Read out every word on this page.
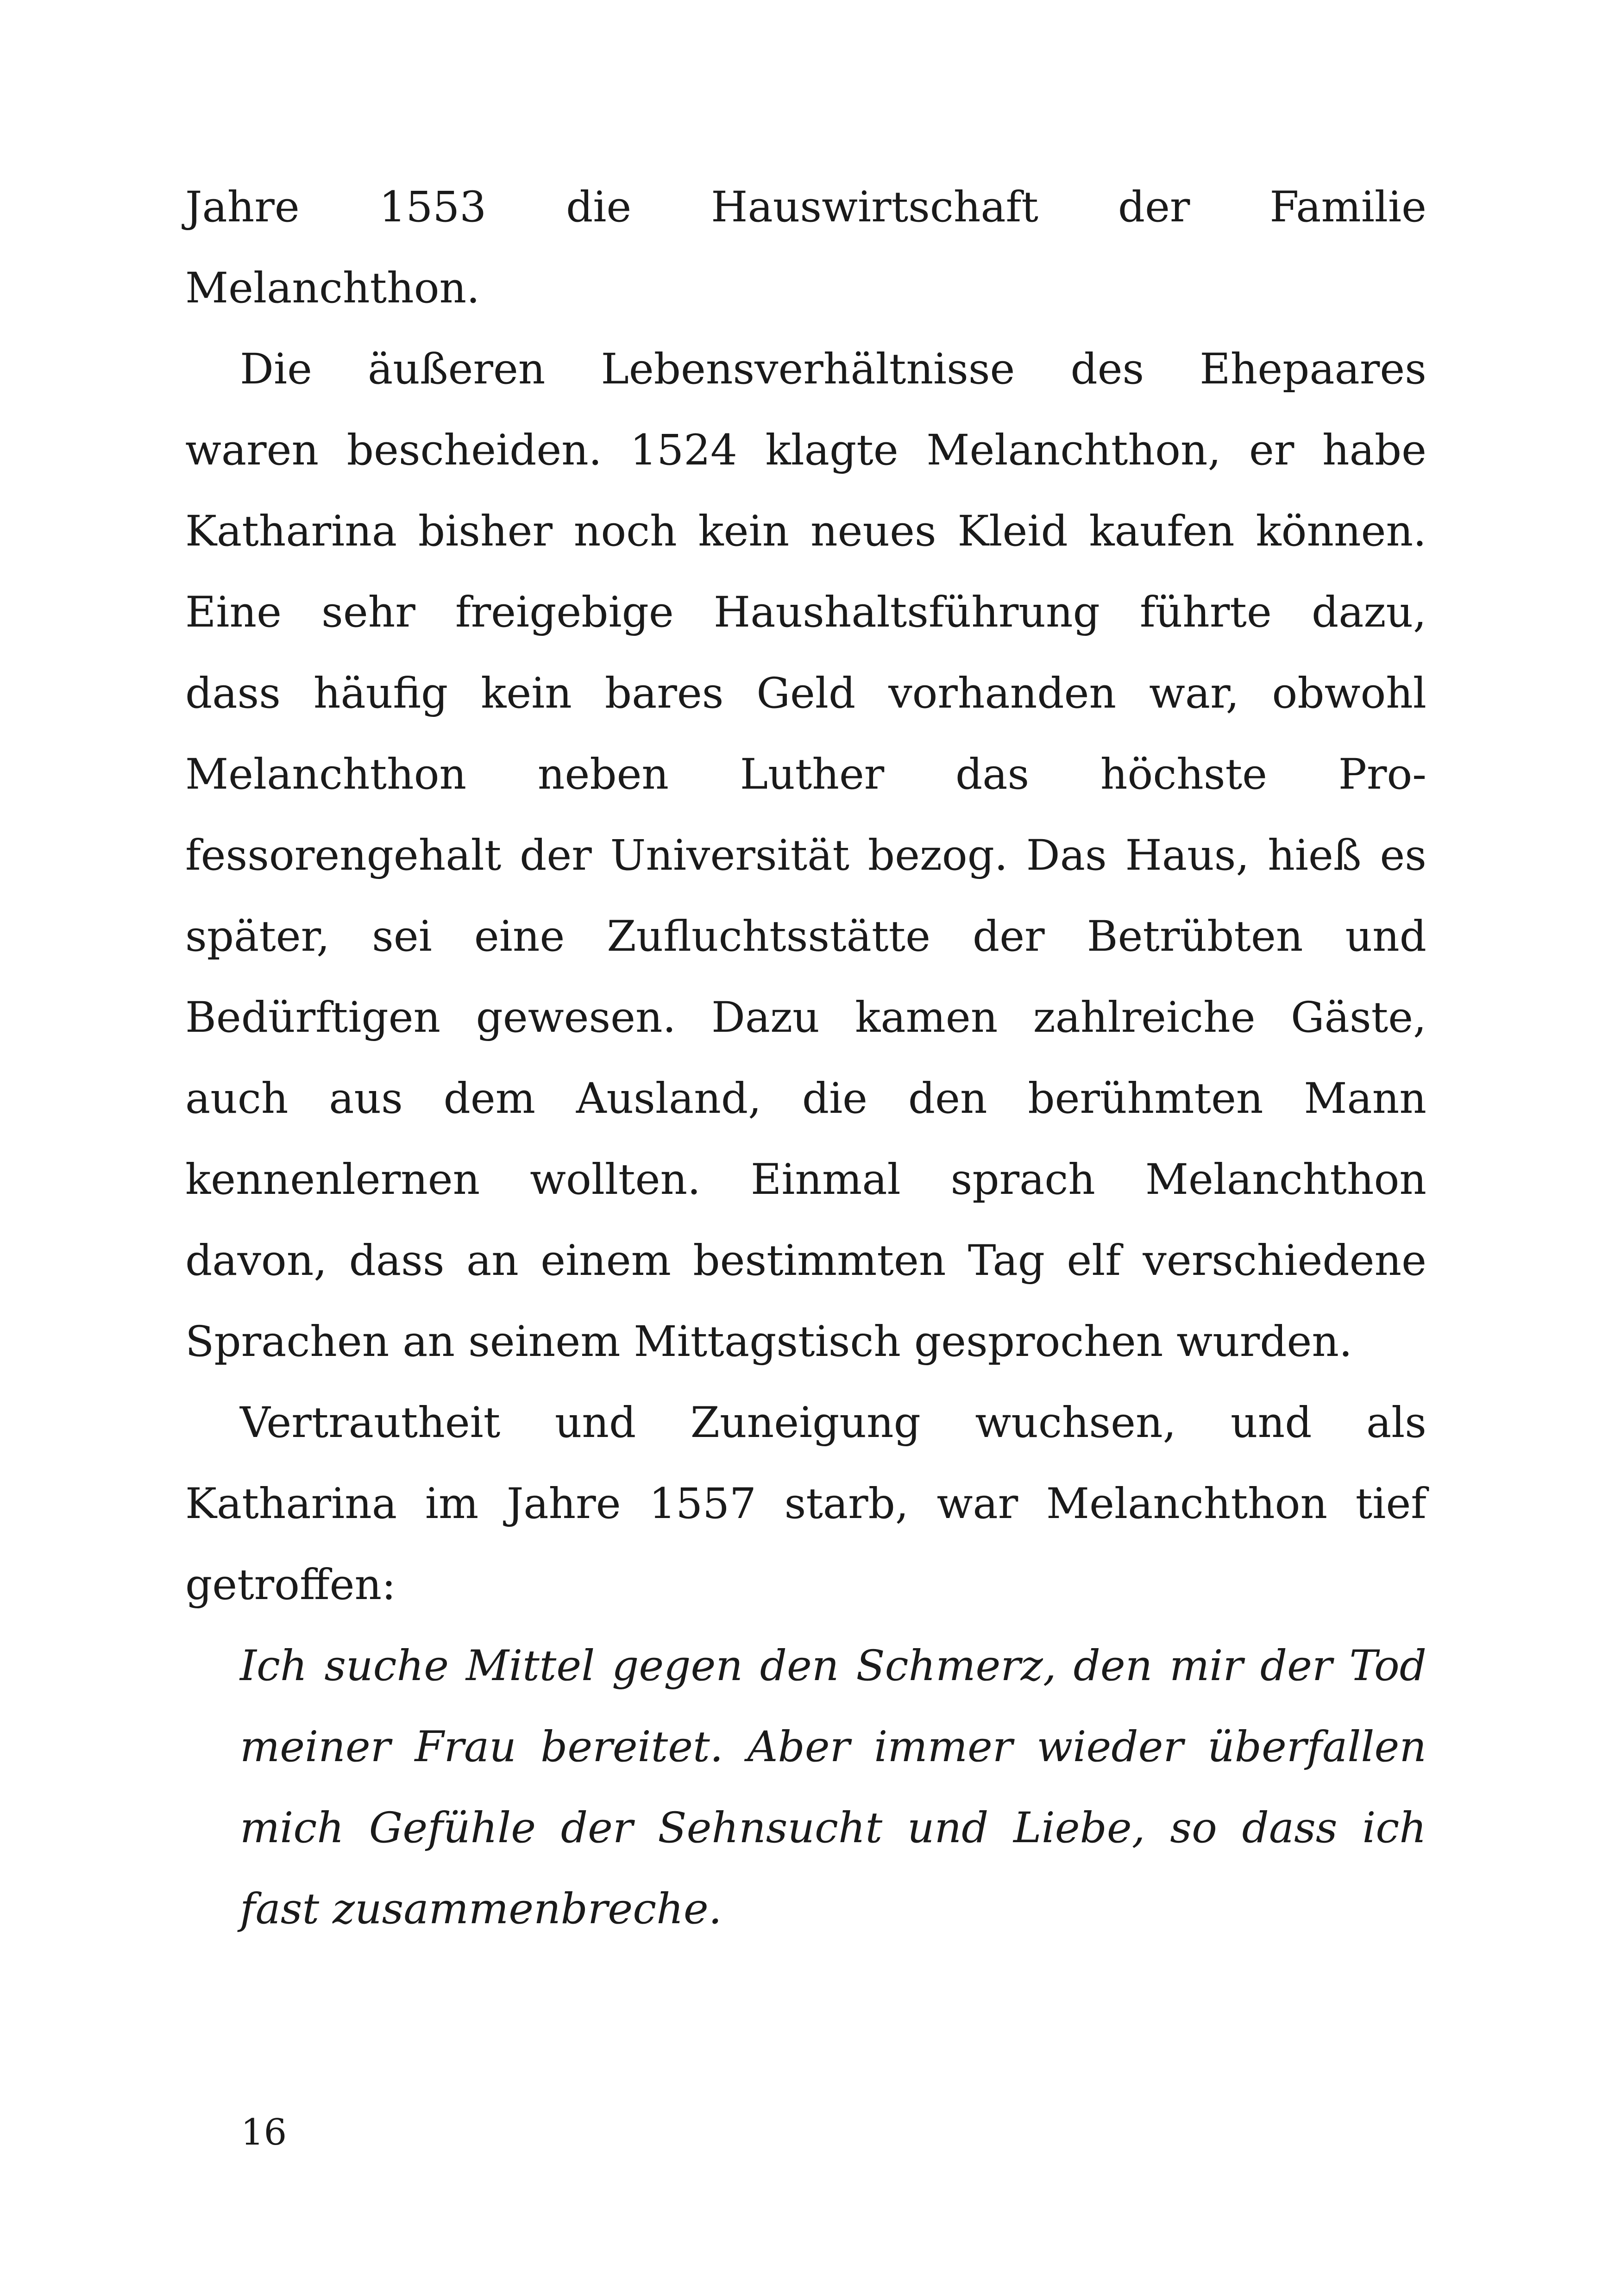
Jahre 1553 die Hauswirtschaft der Familie
Melanchthon.
Die äußeren Lebensverhältnisse des Ehepaares
waren bescheiden. 1524 klagte Melanchthon, er habe
Katharina bisher noch kein neues Kleid kaufen können.
Eine sehr freigebige Haushaltsführung führte dazu,
dass häufig kein bares Geld vorhanden war, obwohl
Melanchthon neben Luther das höchste Pro-
fessorengehalt der Universität bezog. Das Haus, hieß es
später, sei eine Zufluchtsstätte der Betrübten und
Bedürftigen gewesen. Dazu kamen zahlreiche Gäste,
auch aus dem Ausland, die den berühmten Mann
kennenlernen wollten. Einmal sprach Melanchthon
davon, dass an einem bestimmten Tag elf verschiedene
Sprachen an seinem Mittagstisch gesprochen wurden.
Vertrautheit und Zuneigung wuchsen, und als
Katharina im Jahre 1557 starb, war Melanchthon tief
getroffen:
Ich suche Mittel gegen den Schmerz, den mir der Tod
meiner Frau bereitet. Aber immer wieder überfallen
mich Gefühle der Sehnsucht und Liebe, so dass ich
fast zusammenbreche.
16
